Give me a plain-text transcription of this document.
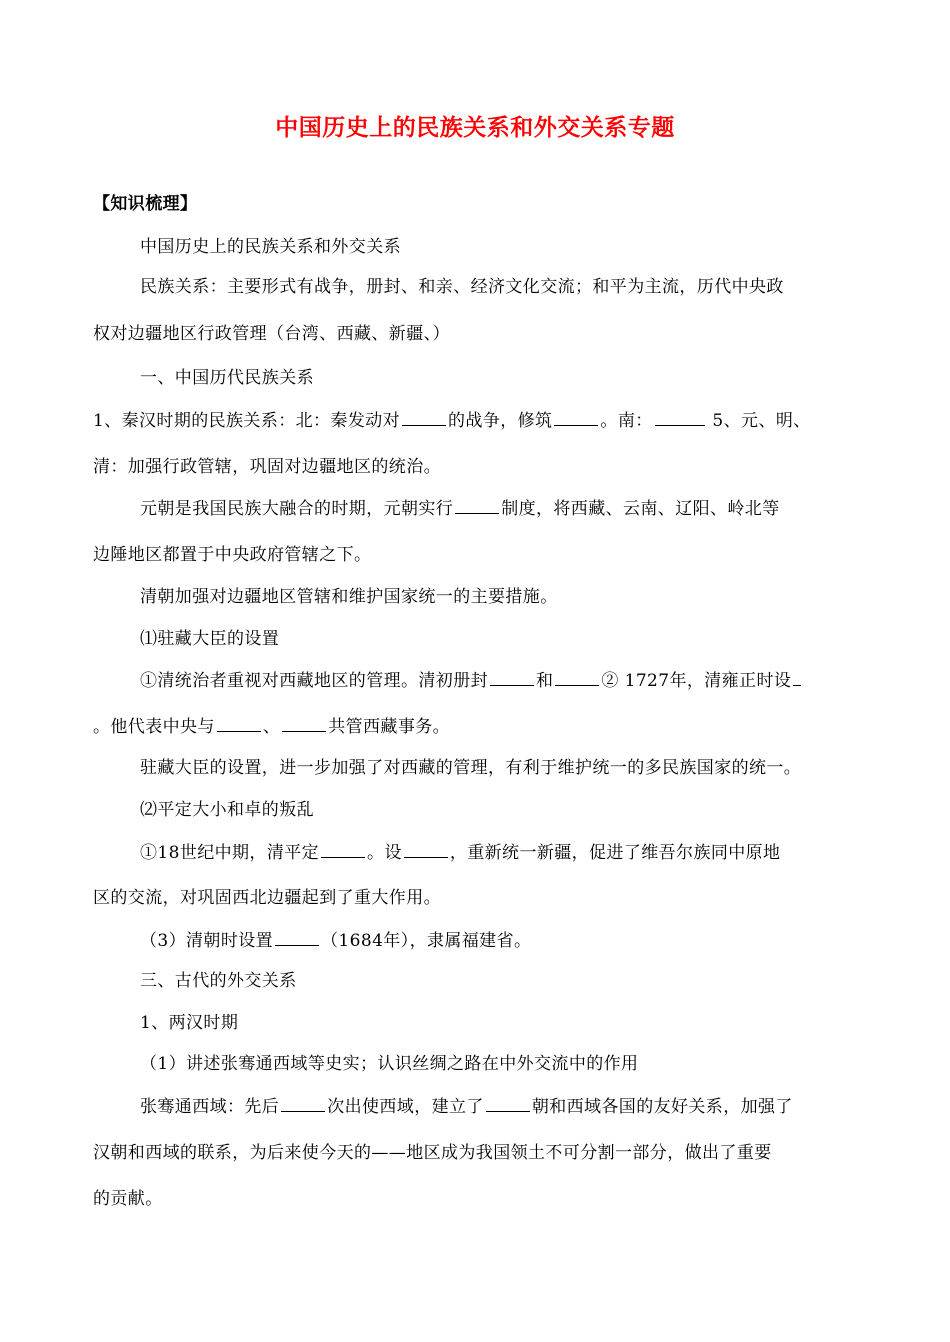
中国历史上的民族关系和外交关系专题
【知识梳理】
中国历史上的民族关系和外交关系
民族关系：主要形式有战争，册封、和亲、经济文化交流；和平为主流，历代中央政
权对边疆地区行政管理（台湾、西藏、新疆、）
一、中国历代民族关系
1、秦汉时期的民族关系：北：秦发动对	的战争，修筑	。南：	5、元、明、
清：加强行政管辖，巩固对边疆地区的统治。
元朝是我国民族大融合的时期，元朝实行	制度，将西藏、云南、辽阳、岭北等
边陲地区都置于中央政府管辖之下。
清朝加强对边疆地区管辖和维护国家统一的主要措施。
⑴驻藏大臣的设置
①清统治者重视对西藏地区的管理。清初册封	和	② 1727年，清雍正时设
。他代表中央与	、	共管西藏事务。
驻藏大臣的设置，进一步加强了对西藏的管理，有利于维护统一的多民族国家的统一。
⑵平定大小和卓的叛乱
①18世纪中期，清平定	。设	，重新统一新疆，促进了维吾尔族同中原地
区的交流，对巩固西北边疆起到了重大作用。
（3）清朝时设置	（1684年），隶属福建省。
三、古代的外交关系
1、两汉时期
（1）讲述张骞通西域等史实；认识丝绸之路在中外交流中的作用
张骞通西域：先后	次出使西域，建立了	朝和西域各国的友好关系，加强了
汉朝和西域的联系，为后来使今天的——地区成为我国领土不可分割一部分，做出了重要
的贡献。
